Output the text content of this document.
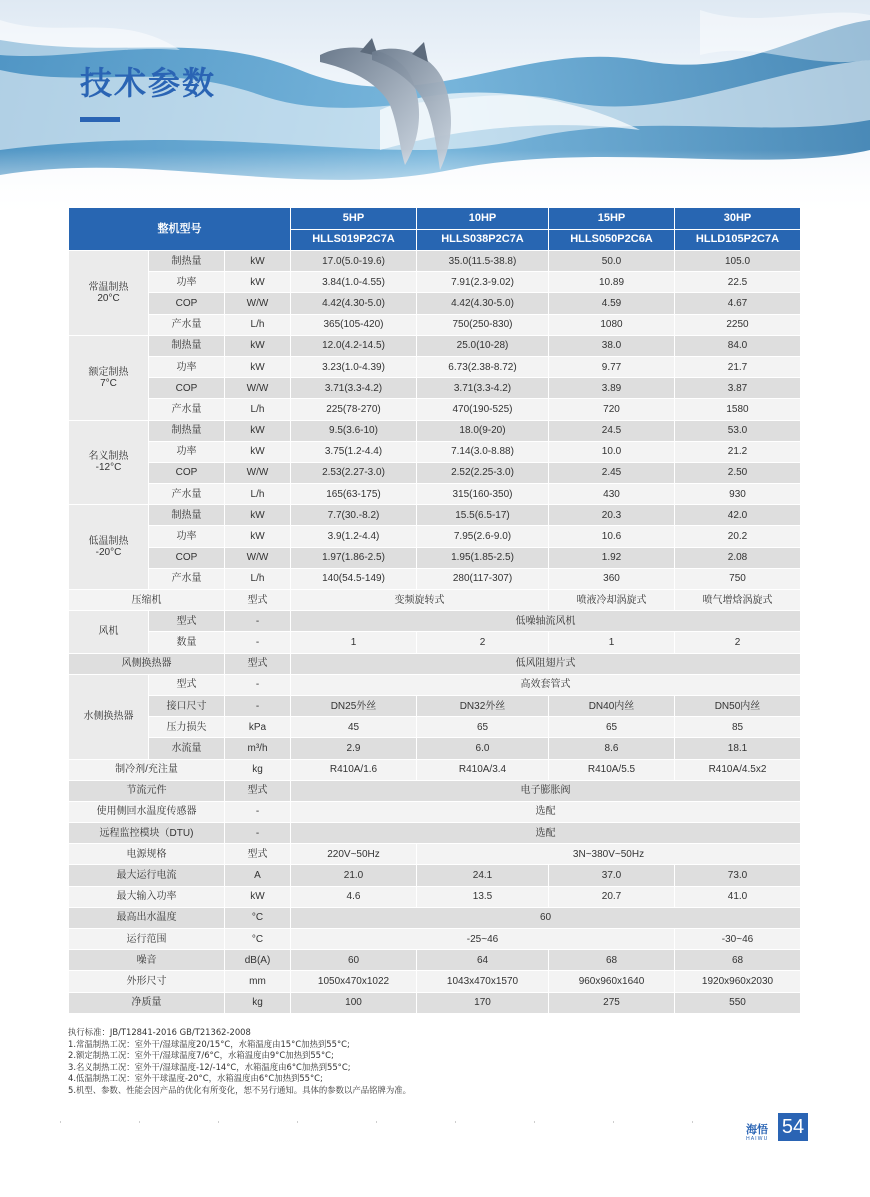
技术参数
整机型号			5HP	10HP	15HP	30HP
			HLLS019P2C7A	HLLS038P2C7A	HLLS050P2C6A	HLLD105P2C7A

常温制热
20°C	制热量	kW	17.0(5.0-19.6)	35.0(11.5-38.8)	50.0	105.0
	功率	kW	3.84(1.0-4.55)	7.91(2.3-9.02)	10.89	22.5
	COP	W/W	4.42(4.30-5.0)	4.42(4.30-5.0)	4.59	4.67
	产水量	L/h	365(105-420)	750(250-830)	1080	2250

额定制热
7°C	制热量	kW	12.0(4.2-14.5)	25.0(10-28)	38.0	84.0
	功率	kW	3.23(1.0-4.39)	6.73(2.38-8.72)	9.77	21.7
	COP	W/W	3.71(3.3-4.2)	3.71(3.3-4.2)	3.89	3.87
	产水量	L/h	225(78-270)	470(190-525)	720	1580

名义制热
-12°C	制热量	kW	9.5(3.6-10)	18.0(9-20)	24.5	53.0
	功率	kW	3.75(1.2-4.4)	7.14(3.0-8.88)	10.0	21.2
	COP	W/W	2.53(2.27-3.0)	2.52(2.25-3.0)	2.45	2.50
	产水量	L/h	165(63-175)	315(160-350)	430	930

低温制热
-20°C	制热量	kW	7.7(30.-8.2)	15.5(6.5-17)	20.3	42.0
	功率	kW	3.9(1.2-4.4)	7.95(2.6-9.0)	10.6	20.2
	COP	W/W	1.97(1.86-2.5)	1.95(1.85-2.5)	1.92	2.08
	产水量	L/h	140(54.5-149)	280(117-307)	360	750
压缩机		型式	变频旋转式		喷液冷却涡旋式	喷气增焓涡旋式
风机	型式	-	低噪轴流风机			
	数量	-	1	2	1	2
风侧换热器		型式	低风阻翅片式			
水侧换热器	型式	-	高效套管式			
	接口尺寸	-	DN25外丝	DN32外丝	DN40内丝	DN50内丝
	压力损失	kPa	45	65	65	85
	水流量	m³/h	2.9	6.0	8.6	18.1
制冷剂/充注量		kg	R410A/1.6	R410A/3.4	R410A/5.5	R410A/4.5x2
节流元件		型式	电子膨胀阀			
使用侧回水温度传感器		-	选配			
远程监控模块（DTU)		-	选配			
电源规格		型式	220V~50Hz	3N~380V~50Hz		
最大运行电流		A	21.0	24.1	37.0	73.0
最大输入功率		kW	4.6	13.5	20.7	41.0
最高出水温度		°C	60			
运行范围		°C	-25~46			-30~46
噪音		dB(A)	60	64	68	68
外形尺寸		mm	1050x470x1022	1043x470x1570	960x960x1640	1920x960x2030
净质量		kg	100	170	275	550
执行标准：JB/T12841-2016 GB/T21362-2008
1.常温制热工况：室外干/湿球温度20/15°C，水箱温度由15°C加热到55°C;
2.额定制热工况：室外干/湿球温度7/6°C，水箱温度由9°C加热到55°C;
3.名义制热工况：室外干/湿球温度-12/-14°C，水箱温度由6°C加热到55°C;
4.低温制热工况：室外干球温度-20°C，水箱温度由6°C加热到55°C;
5.机型、参数、性能会因产品的优化有所变化，恕不另行通知。具体的参数以产品铭牌为准。
海悟
HAIWU
54
